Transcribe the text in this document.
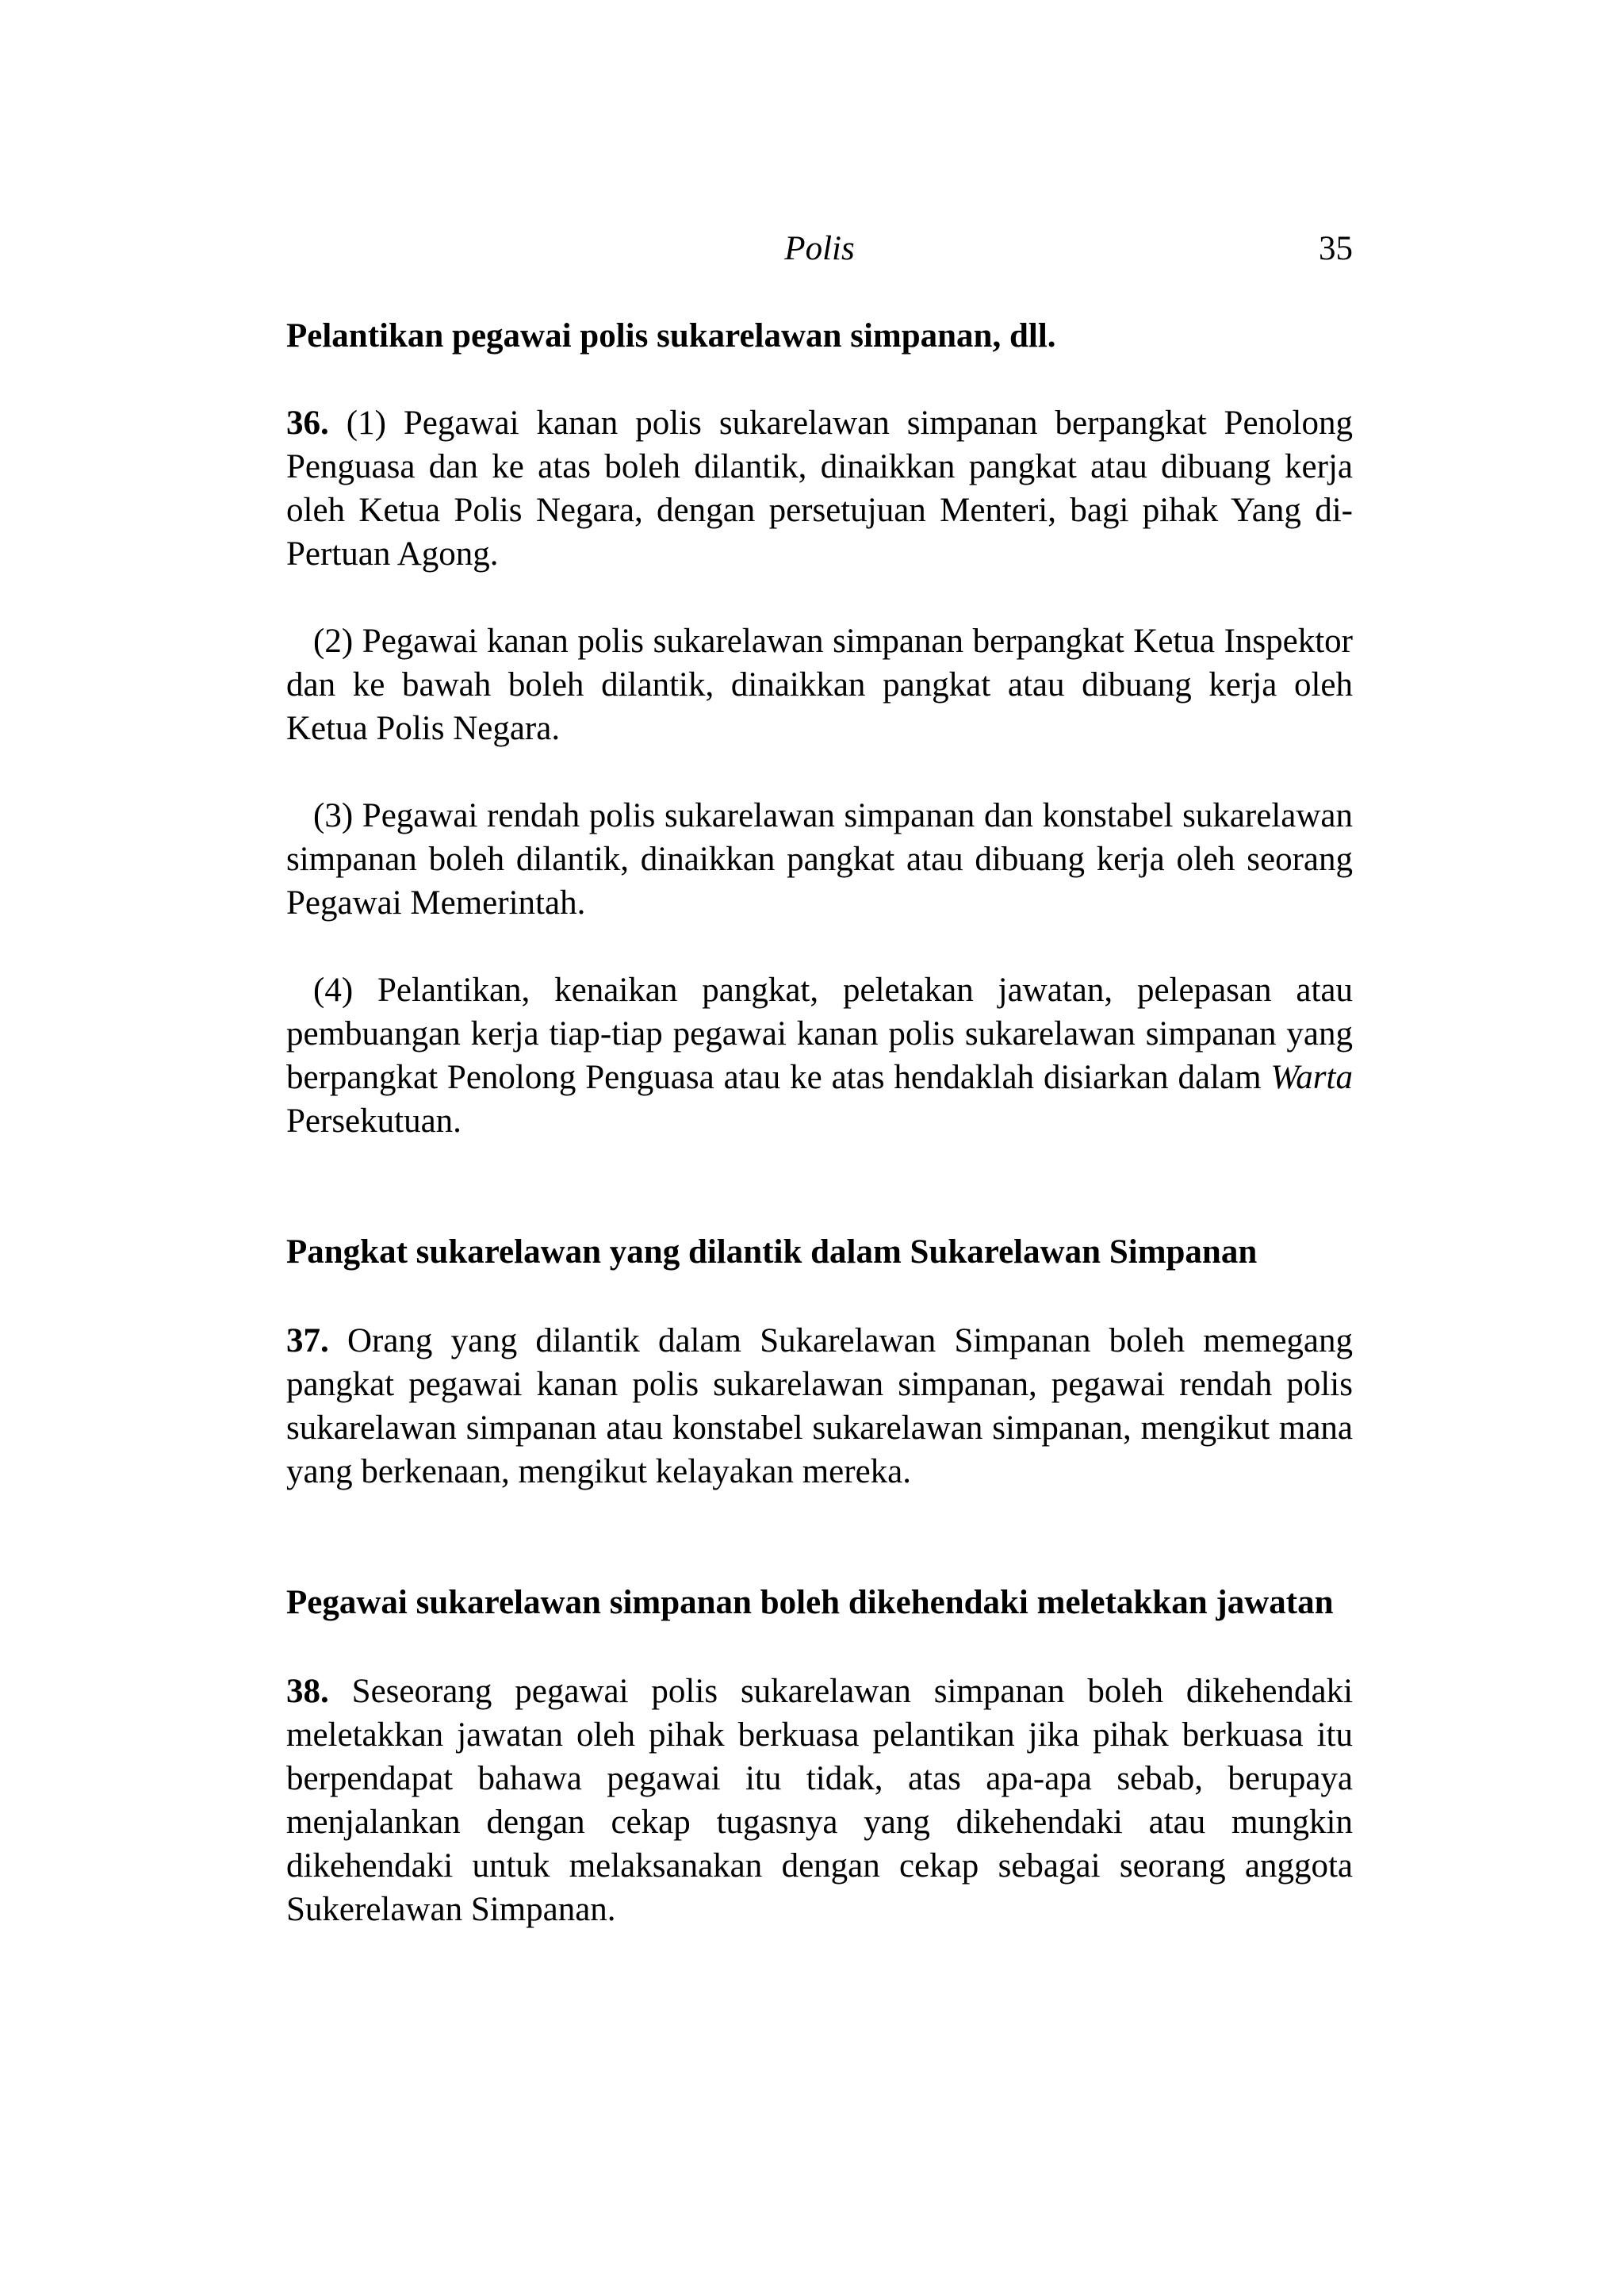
Polis	35

Pelantikan pegawai polis sukarelawan simpanan, dll.

36. (1) Pegawai kanan polis sukarelawan simpanan berpangkat Penolong Penguasa dan ke atas boleh dilantik, dinaikkan pangkat atau dibuang kerja oleh Ketua Polis Negara, dengan persetujuan Menteri, bagi pihak Yang di-Pertuan Agong.

(2) Pegawai kanan polis sukarelawan simpanan berpangkat Ketua Inspektor dan ke bawah boleh dilantik, dinaikkan pangkat atau dibuang kerja oleh Ketua Polis Negara.

(3) Pegawai rendah polis sukarelawan simpanan dan konstabel sukarelawan simpanan boleh dilantik, dinaikkan pangkat atau dibuang kerja oleh seorang Pegawai Memerintah.

(4) Pelantikan, kenaikan pangkat, peletakan jawatan, pelepasan atau pembuangan kerja tiap-tiap pegawai kanan polis sukarelawan simpanan yang berpangkat Penolong Penguasa atau ke atas hendaklah disiarkan dalam Warta Persekutuan.

Pangkat sukarelawan yang dilantik dalam Sukarelawan Simpanan

37. Orang yang dilantik dalam Sukarelawan Simpanan boleh memegang pangkat pegawai kanan polis sukarelawan simpanan, pegawai rendah polis sukarelawan simpanan atau konstabel sukarelawan simpanan, mengikut mana yang berkenaan, mengikut kelayakan mereka.

Pegawai sukarelawan simpanan boleh dikehendaki meletakkan jawatan

38. Seseorang pegawai polis sukarelawan simpanan boleh dikehendaki meletakkan jawatan oleh pihak berkuasa pelantikan jika pihak berkuasa itu berpendapat bahawa pegawai itu tidak, atas apa-apa sebab, berupaya menjalankan dengan cekap tugasnya yang dikehendaki atau mungkin dikehendaki untuk melaksanakan dengan cekap sebagai seorang anggota Sukerelawan Simpanan.
